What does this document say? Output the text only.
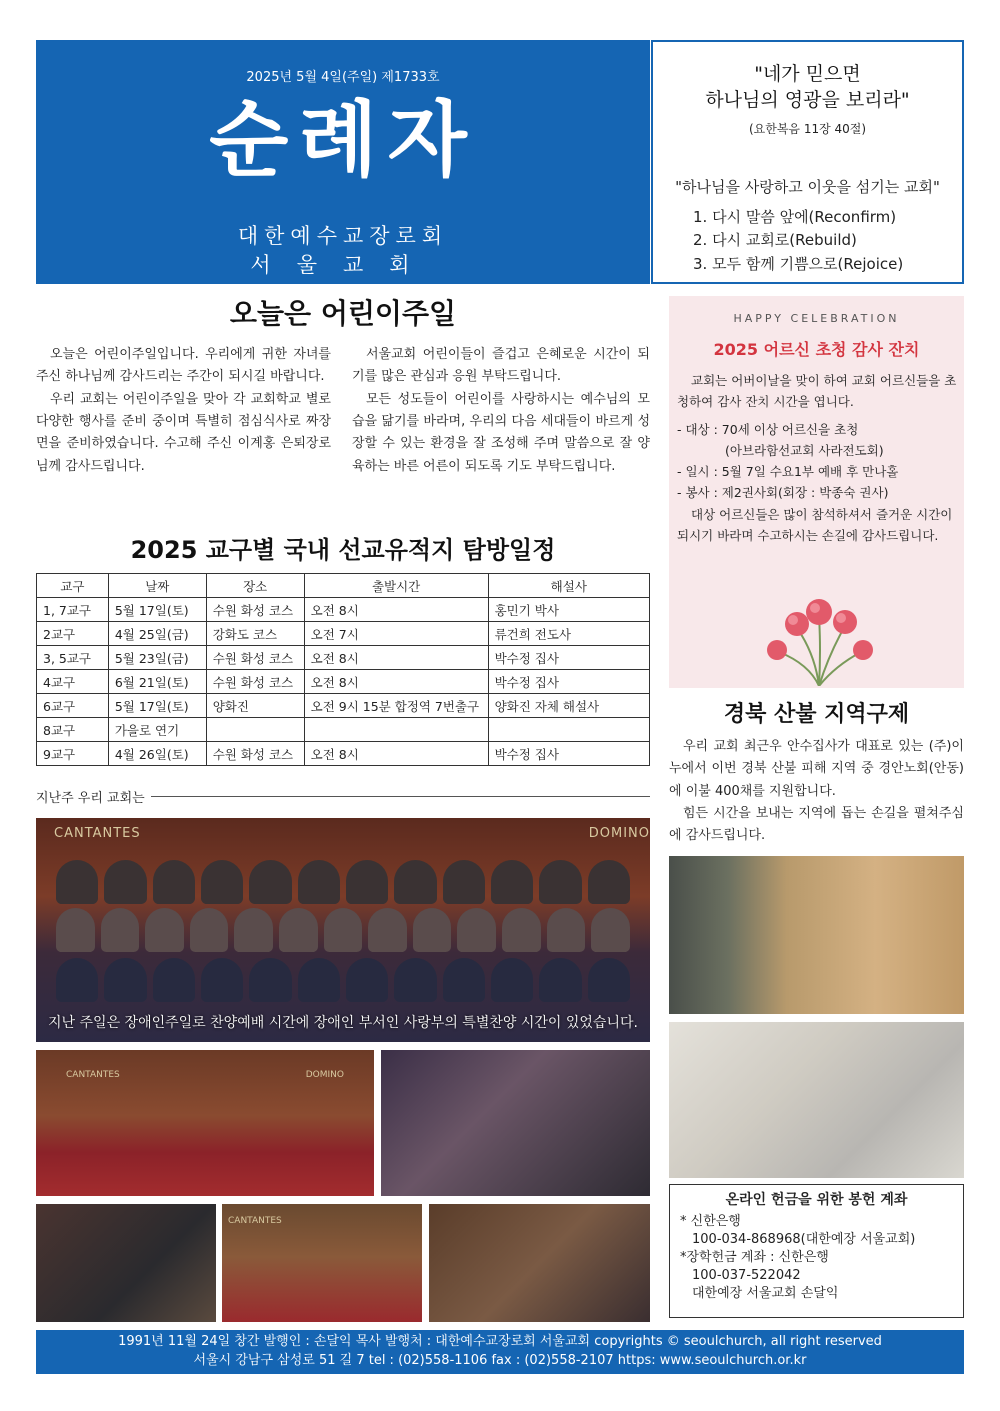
2025년 5월 4일(주일) 제1733호
순례자
대한예수교장로회
서울교회
"네가 믿으면
하나님의 영광을 보리라"
(요한복음 11장 40절)
"하나님을 사랑하고 이웃을 섬기는 교회"
1. 다시 말씀 앞에(Reconfirm)
2. 다시 교회로(Rebuild)
3. 모두 함께 기쁨으로(Rejoice)
오늘은 어린이주일

오늘은 어린이주일입니다. 우리에게 귀한 자녀를 주신 하나님께 감사드리는 주간이 되시길 바랍니다.

우리 교회는 어린이주일을 맞아 각 교회학교 별로 다양한 행사를 준비 중이며 특별히 점심식사로 짜장면을 준비하였습니다. 수고해 주신 이계홍 은퇴장로님께 감사드립니다.

서울교회 어린이들이 즐겁고 은혜로운 시간이 되기를 많은 관심과 응원 부탁드립니다.

모든 성도들이 어린이를 사랑하시는 예수님의 모습을 닮기를 바라며, 우리의 다음 세대들이 바르게 성장할 수 있는 환경을 잘 조성해 주며 말씀으로 잘 양육하는 바른 어른이 되도록 기도 부탁드립니다.

2025 교구별 국내 선교유적지 탐방일정
교구	날짜	장소	출발시간	해설사
1, 7교구	5월 17일(토)	수원 화성 코스	오전 8시	홍민기 박사
2교구	4월 25일(금)	강화도 코스	오전 7시	류건희 전도사
3, 5교구	5월 23일(금)	수원 화성 코스	오전 8시	박수정 집사
4교구	6월 21일(토)	수원 화성 코스	오전 8시	박수정 집사
6교구	5월 17일(토)	양화진	오전 9시 15분 합정역 7번출구	양화진 자체 해설사
8교구	가을로 연기			
9교구	4월 26일(토)	수원 화성 코스	오전 8시	박수정 집사
지난주 우리 교회는
CANTANTES	DOMINO
지난 주일은 장애인주일로 찬양예배 시간에 장애인 부서인 사랑부의 특별찬양 시간이 있었습니다.
CANTANTES	DOMINO
CANTANTES
HAPPY CELEBRATION
2025 어르신 초청 감사 잔치

교회는 어버이날을 맞이 하여 교회 어르신들을 초청하여 감사 잔치 시간을 엽니다.

- 대상 : 70세 이상 어르신을 초청

(아브라함선교회 사라전도회)

- 일시 : 5월 7일 수요1부 예배 후 만나홀

- 봉사 : 제2권사회(회장 : 박종숙 권사)

대상 어르신들은 많이 참석하셔서 즐거운 시간이 되시기 바라며 수고하시는 손길에 감사드립니다.

경북 산불 지역구제

우리 교회 최근우 안수집사가 대표로 있는 (주)이누에서 이번 경북 산불 피해 지역 중 경안노회(안동)에 이불 400채를 지원합니다.

힘든 시간을 보내는 지역에 돕는 손길을 펼쳐주심에 감사드립니다.

온라인 헌금을 위한 봉헌 계좌
* 신한은행
100-034-868968(대한예장 서울교회)
*장학헌금 계좌 : 신한은행
100-037-522042
대한예장 서울교회 손달익
1991년 11월 24일 창간 발행인 : 손달익 목사 발행처 : 대한예수교장로회 서울교회 copyrights © seoulchurch, all right reserved
서울시 강남구 삼성로 51 길 7 tel : (02)558-1106 fax : (02)558-2107 https: www.seoulchurch.or.kr
